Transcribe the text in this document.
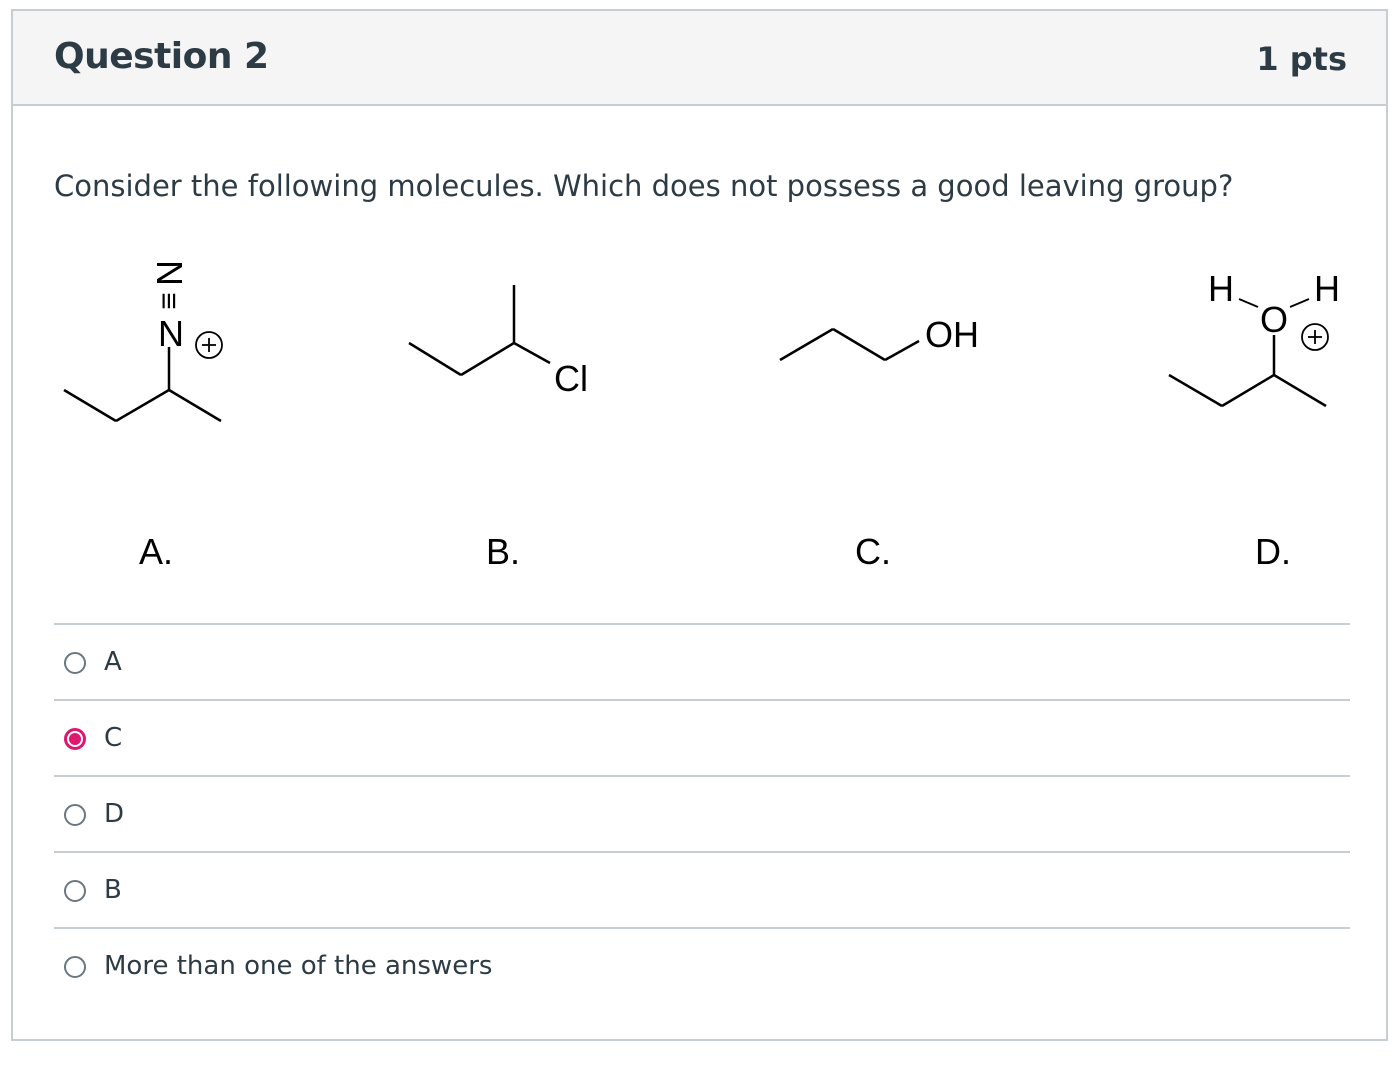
Question 2	1 pts
Consider the following molecules. Which does not possess a good leaving group?
N
≡
N
Cl
OH
H
O
H
A.	B.	C.	D.
A
C
D
B
More than one of the answers
